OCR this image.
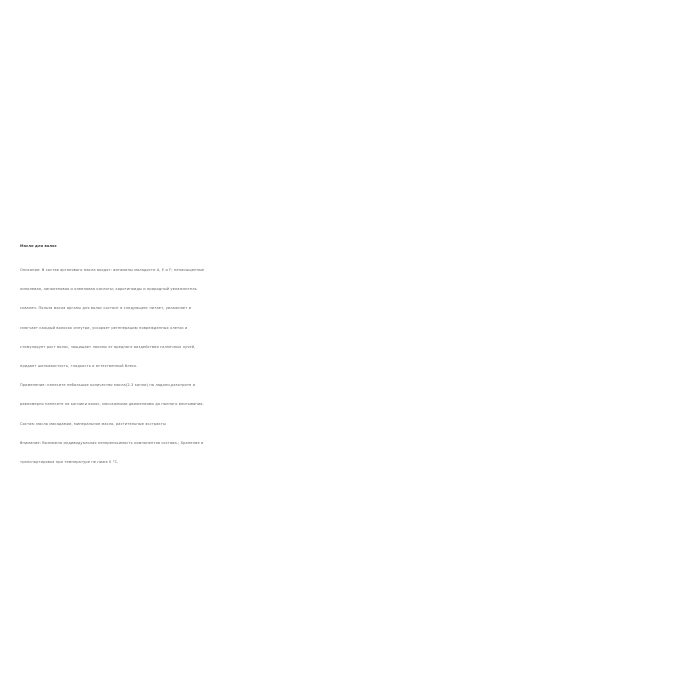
Масло для волос
Описание: В состав арганового масла входят: витамины молодости А, Е и F; ненасыщенные
линолевая, линоленовая и олеиновая кислоты; каротиноиды и природный увлажнитель
сквален. Польза масла арганы для волос состоит в следующем: питает, увлажняет и
смягчает каждый волосок изнутри, ускоряет регенерацию поврежденных клеток и
стимулирует рост волос, защищает локоны от вредного воздействия солнечных лучей,
придает шелковистость, гладкость и естественный блеск.
Применение: нанесите небольшое количество масла(2-3 капли) на ладони,разотрите и
равномерно нанесите на кончики волос, массажными движениями до полного впитывания.
Состав: масло макадамии, минеральное масло, растительные экстракты
Внимание: Возможна индивидуальная непереносимость компонентов состава.; Хранение и
транспортировка при температуре не ниже 0 °С.
